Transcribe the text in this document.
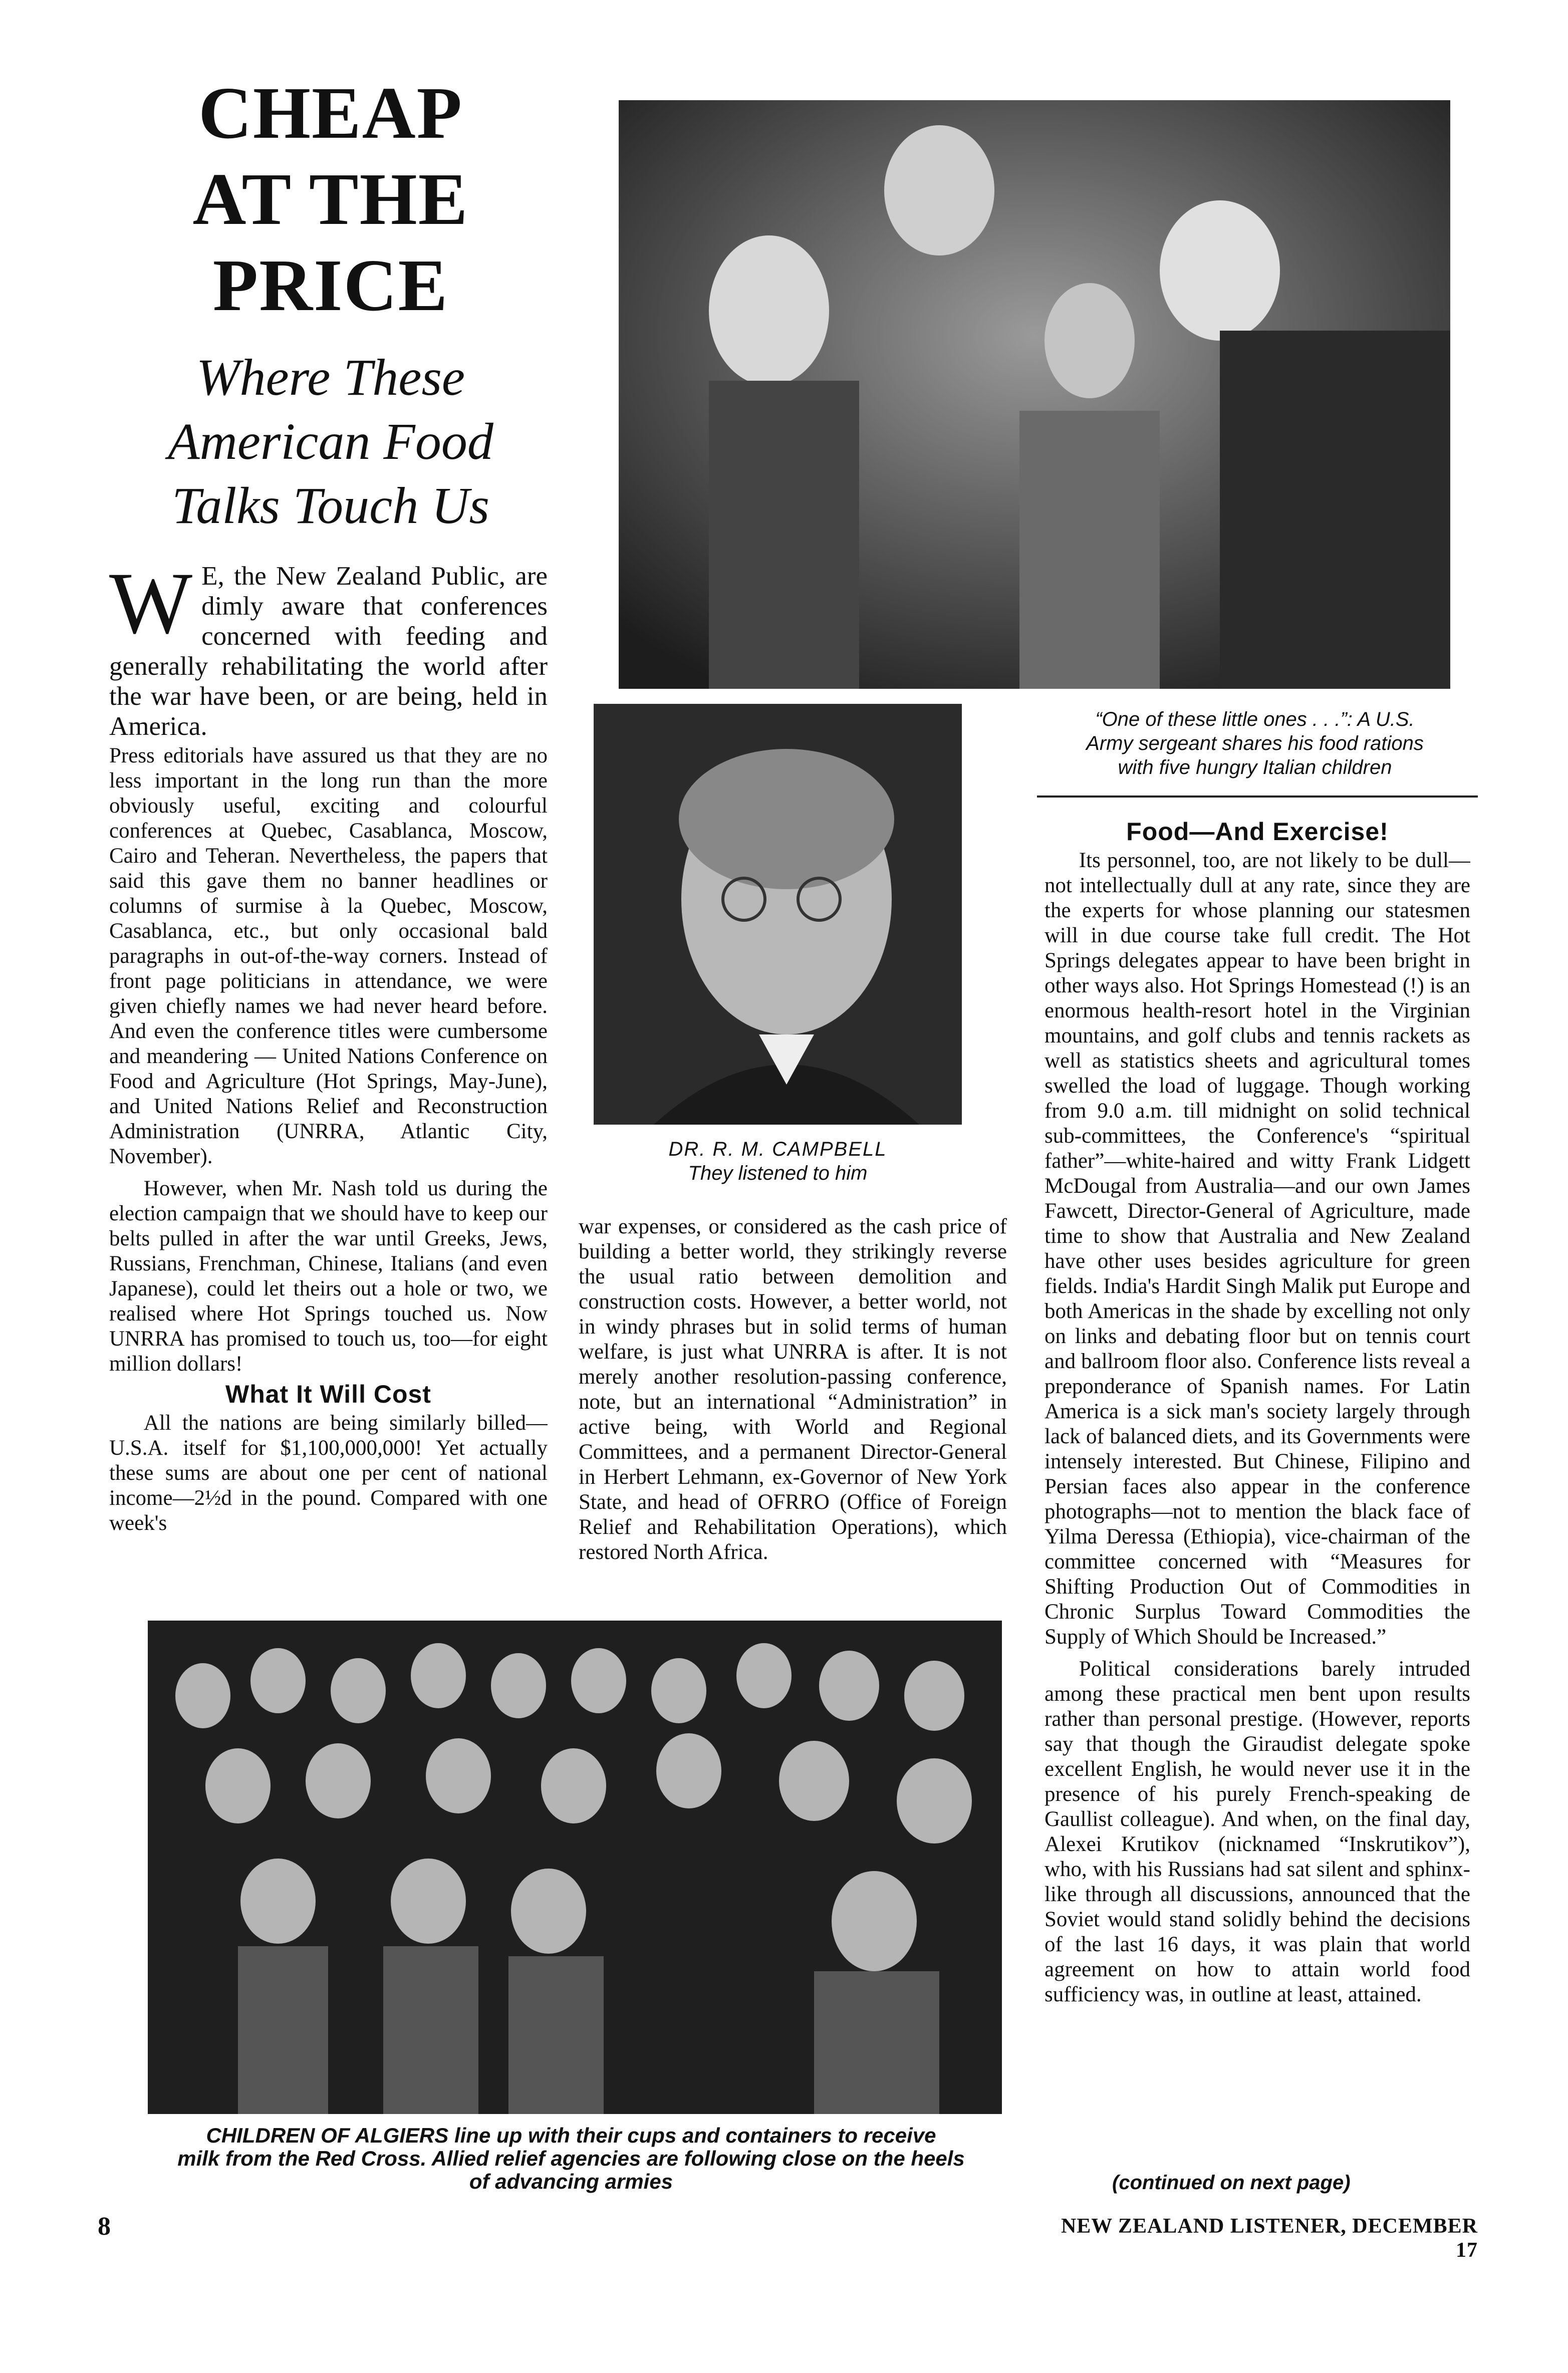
CHEAP
AT THE
PRICE
Where These
American Food
Talks Touch Us
W E, the New Zealand Public, are dimly aware that conferences concerned with feeding and generally rehabilitating the world after the war have been, or are being, held in America.
Press editorials have assured us that they are no less important in the long run than the more obviously useful, exciting and colourful conferences at Quebec, Casablanca, Moscow, Cairo and Teheran. Nevertheless, the papers that said this gave them no banner headlines or columns of surmise à la Quebec, Moscow, Casablanca, etc., but only occasional bald paragraphs in out-of-the-way corners. Instead of front page politicians in attendance, we were given chiefly names we had never heard before. And even the conference titles were cumbersome and meandering — United Nations Conference on Food and Agriculture (Hot Springs, May-June), and United Nations Relief and Reconstruction Administration (UNRRA, Atlantic City, November).

However, when Mr. Nash told us during the election campaign that we should have to keep our belts pulled in after the war until Greeks, Jews, Russians, Frenchman, Chinese, Italians (and even Japanese), could let theirs out a hole or two, we realised where Hot Springs touched us. Now UNRRA has promised to touch us, too—for eight million dollars!

What It Will Cost

All the nations are being similarly billed—U.S.A. itself for $1,100,000,000! Yet actually these sums are about one per cent of national income—2½d in the pound. Compared with one week's

“One of these little ones . . .”: A U.S.
Army sergeant shares his food rations
with five hungry Italian children
DR. R. M. CAMPBELL
They listened to him
war expenses, or considered as the cash price of building a better world, they strikingly reverse the usual ratio between demolition and construction costs. However, a better world, not in windy phrases but in solid terms of human welfare, is just what UNRRA is after. It is not merely another resolution-passing conference, note, but an international “Administration” in active being, with World and Regional Committees, and a permanent Director-General in Herbert Lehmann, ex-Governor of New York State, and head of OFRRO (Office of Foreign Relief and Rehabilitation Operations), which restored North Africa.
Food—And Exercise!

Its personnel, too, are not likely to be dull—not intellectually dull at any rate, since they are the experts for whose planning our statesmen will in due course take full credit. The Hot Springs delegates appear to have been bright in other ways also. Hot Springs Homestead (!) is an enormous health-resort hotel in the Virginian mountains, and golf clubs and tennis rackets as well as statistics sheets and agricultural tomes swelled the load of luggage. Though working from 9.0 a.m. till midnight on solid technical sub-committees, the Conference's “spiritual father”—white-haired and witty Frank Lidgett McDougal from Australia—and our own James Fawcett, Director-General of Agriculture, made time to show that Australia and New Zealand have other uses besides agriculture for green fields. India's Hardit Singh Malik put Europe and both Americas in the shade by excelling not only on links and debating floor but on tennis court and ballroom floor also. Conference lists reveal a preponderance of Spanish names. For Latin America is a sick man's society largely through lack of balanced diets, and its Governments were intensely interested. But Chinese, Filipino and Persian faces also appear in the conference photographs—not to mention the black face of Yilma Deressa (Ethiopia), vice-chairman of the committee concerned with “Measures for Shifting Production Out of Commodities in Chronic Surplus Toward Commodities the Supply of Which Should be Increased.”

Political considerations barely intruded among these practical men bent upon results rather than personal prestige. (However, reports say that though the Giraudist delegate spoke excellent English, he would never use it in the presence of his purely French-speaking de Gaullist colleague). And when, on the final day, Alexei Krutikov (nicknamed “Inskrutikov”), who, with his Russians had sat silent and sphinx-like through all discussions, announced that the Soviet would stand solidly behind the decisions of the last 16 days, it was plain that world agreement on how to attain world food sufficiency was, in outline at least, attained.

(continued on next page)
CHILDREN OF ALGIERS line up with their cups and containers to receive
milk from the Red Cross. Allied relief agencies are following close on the heels
of advancing armies
8	NEW ZEALAND LISTENER, DECEMBER 17
